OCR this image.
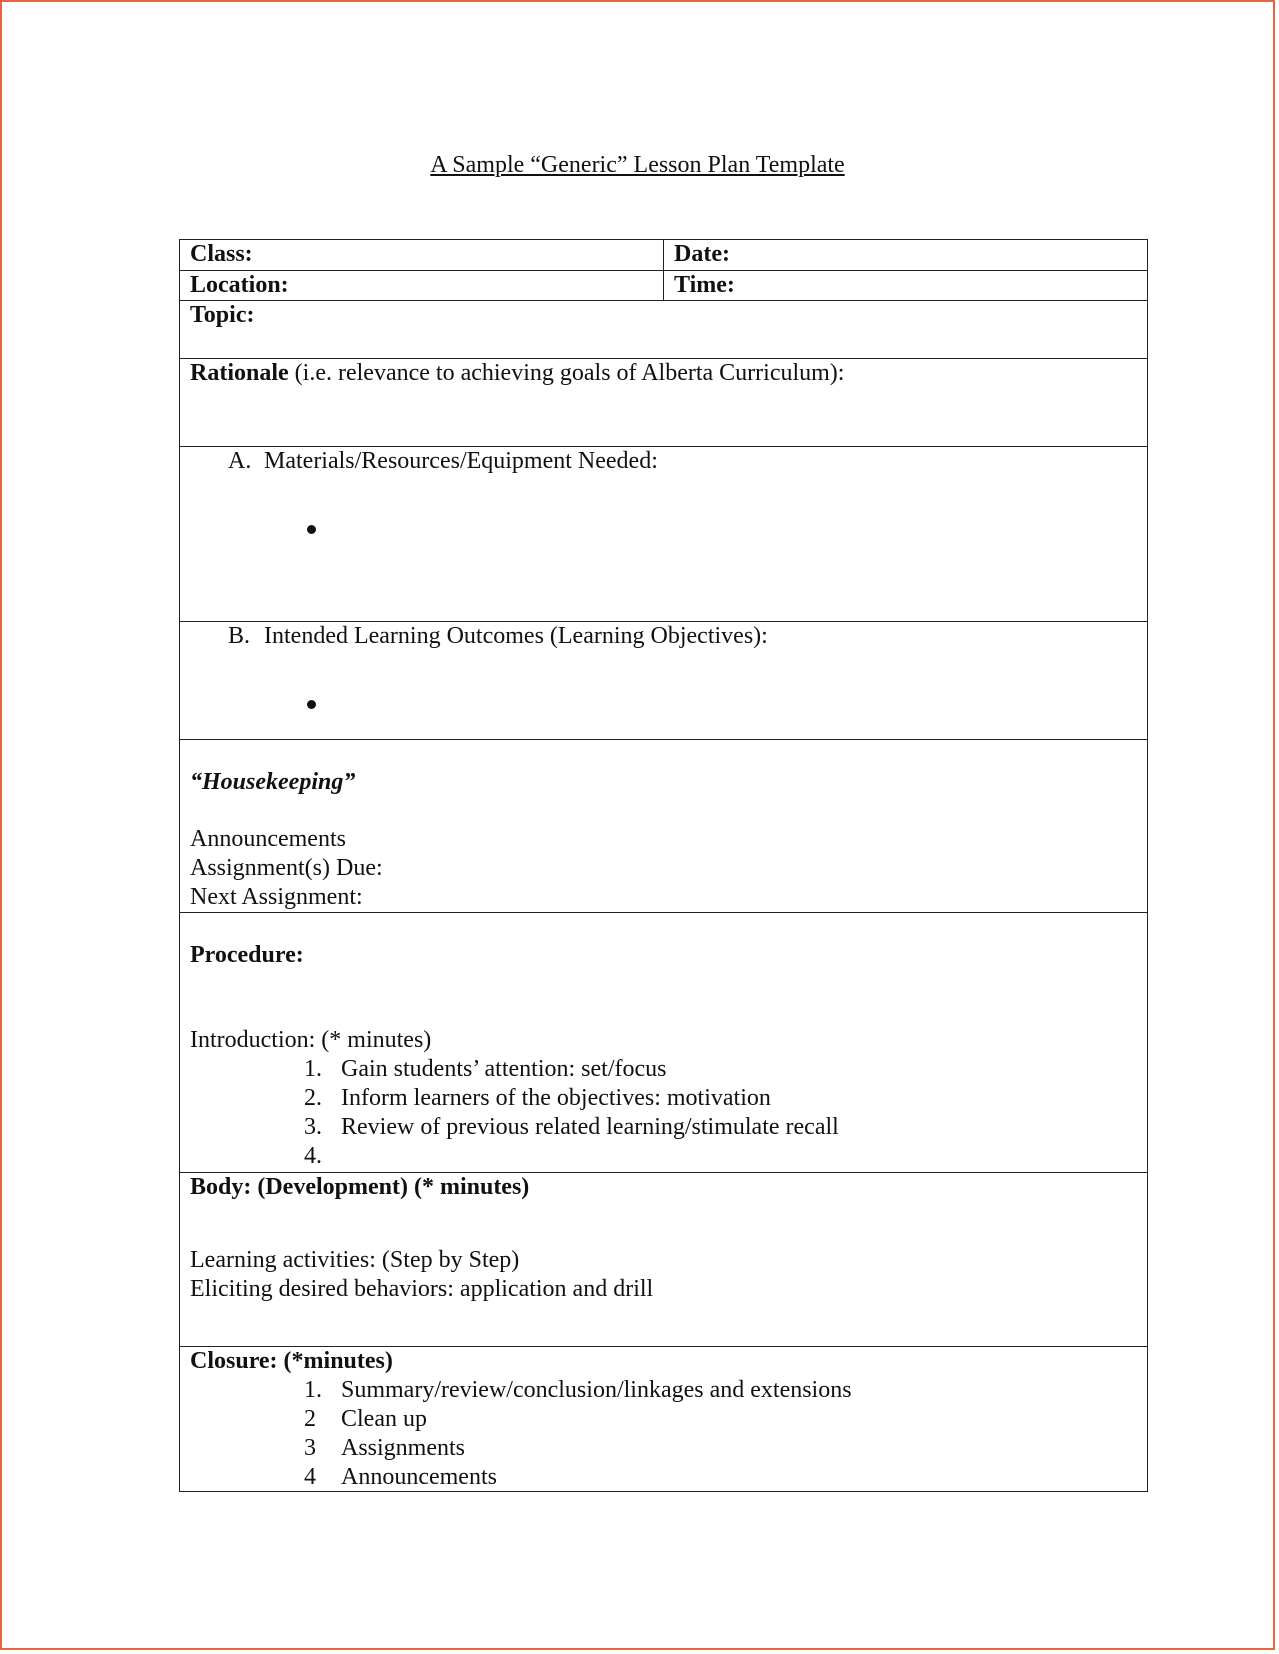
A Sample “Generic” Lesson Plan Template
Class:	Date:
Location:	Time:
Topic:
Rationale (i.e. relevance to achieving goals of Alberta Curriculum):
A. Materials/Resources/Equipment Needed:
B. Intended Learning Outcomes (Learning Objectives):
“Housekeeping”
Announcements
Assignment(s) Due:
Next Assignment:
Procedure:
Introduction: (* minutes)
1. Gain students’ attention: set/focus
2. Inform learners of the objectives: motivation
3. Review of previous related learning/stimulate recall
4.
Body: (Development) (* minutes)
Learning activities: (Step by Step)
Eliciting desired behaviors: application and drill
Closure: (*minutes)
1. Summary/review/conclusion/linkages and extensions
2 Clean up
3 Assignments
4 Announcements
